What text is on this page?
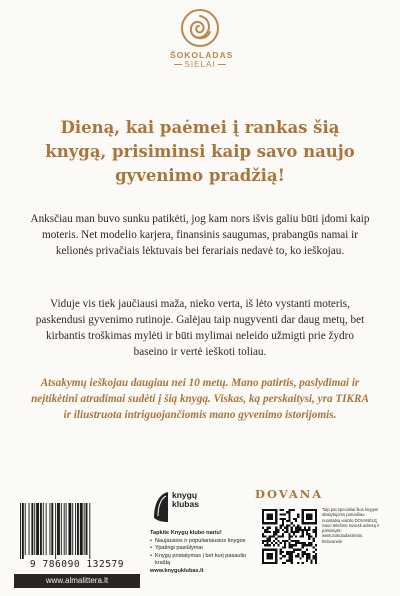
ŠOKOLADAS
SIELAI
Dieną, kai paėmei į rankas šią knygą, prisiminsi kaip savo naujo gyvenimo pradžią!
Anksčiau man buvo sunku patikėti, jog kam nors išvis galiu būti įdomi kaip moteris. Net modelio karjera, finansinis saugumas, prabangūs namai ir kelionės privačiais lėktuvais bei ferariais nedavė to, ko ieškojau.
Viduje vis tiek jaučiausi maža, nieko verta, iš lėto vystanti moteris, paskendusi gyvenimo rutinoje. Galėjau taip nugyventi dar daug metų, bet kirbantis troškimas mylėti ir būti mylimai neleido užmigti prie žydro baseino ir vertė ieškoti toliau.
Atsakymų ieškojau daugiau nei 10 metų. Mano patirtis, paslydimai ir neįtikėtini atradimai sudėti į šią knygą. Viskas, ką perskaitysi, yra TIKRA ir iliustruota intriguojančiomis mano gyvenimo istorijomis.
9 786090 132579
www.almalittera.lt
knygų
klubas
Tapkite Knygų klubo nariu!
• Naujausios ir populiariausios knygos
• Ypatingi pasiūlymai
• Knygų pristatymas į bet kurį pasaulio kraštą
www.knyguklubas.lt
DOVANA
Taip pat specialiai šios knygos skaitytojoms paruošiau nuostabią vaizdo DOVANĖLĘ. Savo telefone suvesk adresą ir parsisiųsk: www.SokoladasSielai. lt/dovanele
